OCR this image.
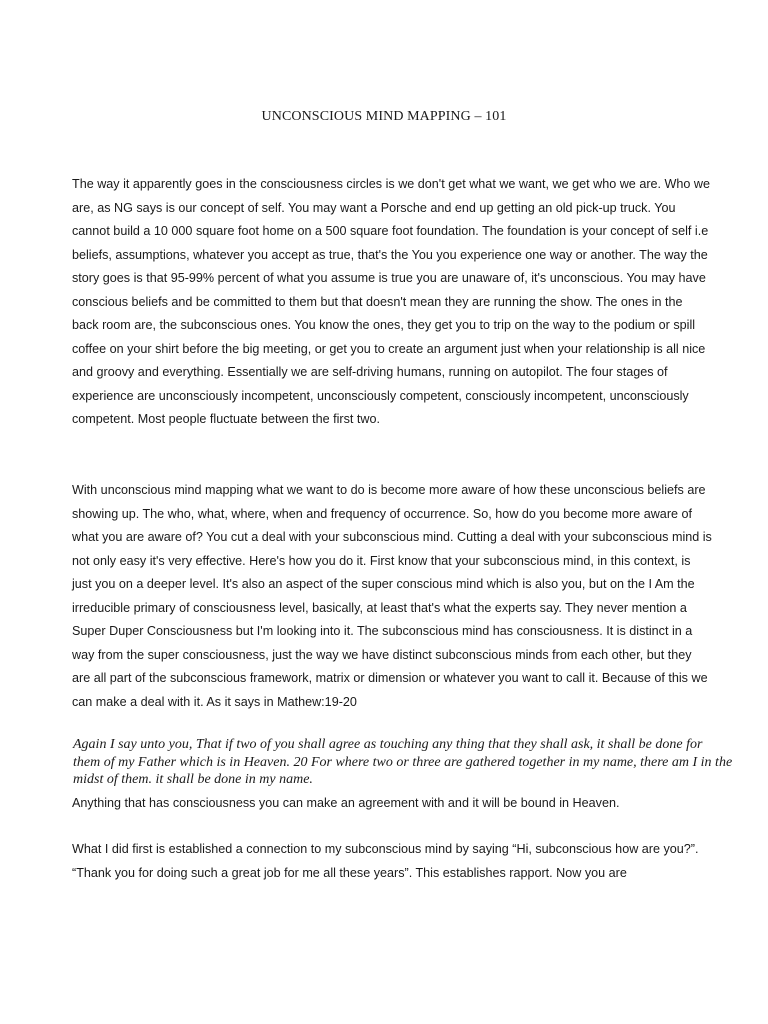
UNCONSCIOUS MIND MAPPING – 101

The way it apparently goes in the consciousness circles is we don't get what we want, we get who we are. Who we are, as NG says is our concept of self. You may want a Porsche and end up getting an old pick-up truck. You cannot build a 10 000 square foot home on a 500 square foot foundation. The foundation is your concept of self i.e beliefs, assumptions, whatever you accept as true, that's the You you experience one way or another. The way the story goes is that 95-99% percent of what you assume is true you are unaware of, it's unconscious. You may have conscious beliefs and be committed to them but that doesn't mean they are running the show. The ones in the back room are, the subconscious ones. You know the ones, they get you to trip on the way to the podium or spill coffee on your shirt before the big meeting, or get you to create an argument just when your relationship is all nice and groovy and everything. Essentially we are self-driving humans, running on autopilot. The four stages of experience are unconsciously incompetent, unconsciously competent, consciously incompetent, unconsciously competent. Most people fluctuate between the first two.

With unconscious mind mapping what we want to do is become more aware of how these unconscious beliefs are showing up. The who, what, where, when and frequency of occurrence. So, how do you become more aware of what you are aware of? You cut a deal with your subconscious mind. Cutting a deal with your subconscious mind is not only easy it's very effective. Here's how you do it. First know that your subconscious mind, in this context, is just you on a deeper level. It's also an aspect of the super conscious mind which is also you, but on the I Am the irreducible primary of consciousness level, basically, at least that's what the experts say. They never mention a Super Duper Consciousness but I'm looking into it. The subconscious mind has consciousness. It is distinct in a way from the super consciousness, just the way we have distinct subconscious minds from each other, but they are all part of the subconscious framework, matrix or dimension or whatever you want to call it. Because of this we can make a deal with it. As it says in Mathew:19-20

Again I say unto you, That if two of you shall agree as touching any thing that they shall ask, it shall be done for them of my Father which is in Heaven. 20 For where two or three are gathered together in my name, there am I in the midst of them. it shall be done in my name.

Anything that has consciousness you can make an agreement with and it will be bound in Heaven.

What I did first is established a connection to my subconscious mind by saying “Hi, subconscious how are you?”. “Thank you for doing such a great job for me all these years”. This establishes rapport. Now you are
